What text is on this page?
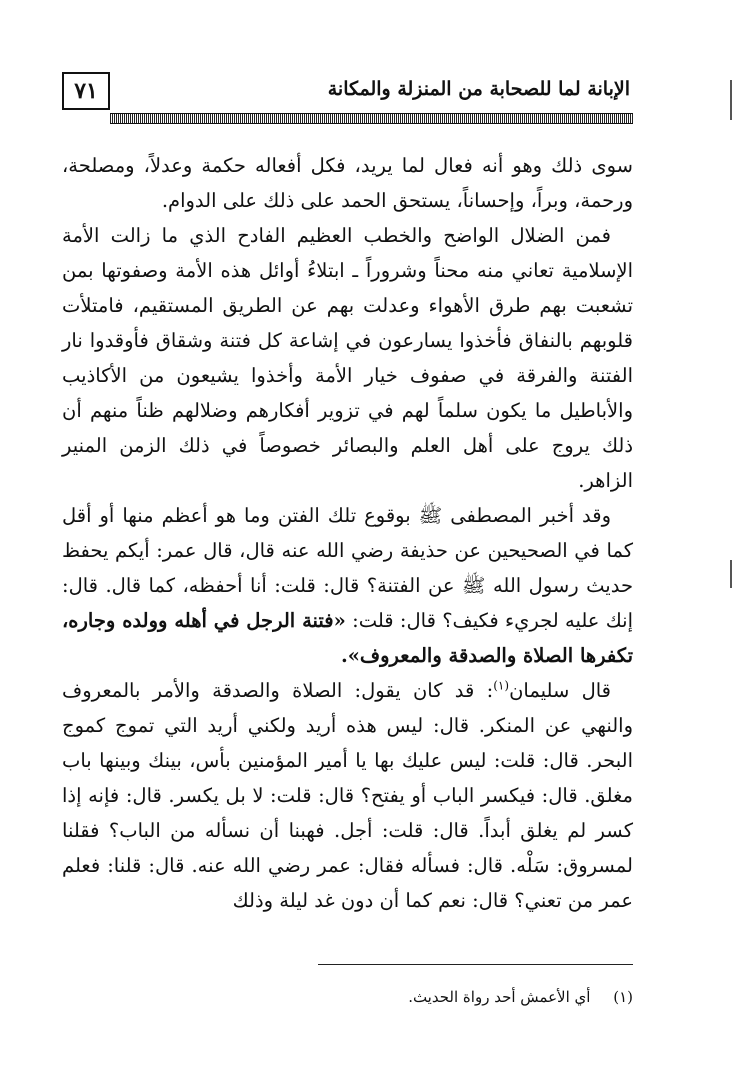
٧١	الإبانة لما للصحابة من المنزلة والمكانة

سوى ذلك وهو أنه فعال لما يريد، فكل أفعاله حكمة وعدلاً، ومصلحة، ورحمة، وبراً، وإحساناً، يستحق الحمد على ذلك على الدوام.

فمن الضلال الواضح والخطب العظيم الفادح الذي ما زالت الأمة الإسلامية تعاني منه محناً وشروراً ـ ابتلاءُ أوائل هذه الأمة وصفوتها بمن تشعبت بهم طرق الأهواء وعدلت بهم عن الطريق المستقيم، فامتلأت قلوبهم بالنفاق فأخذوا يسارعون في إشاعة كل فتنة وشقاق فأوقدوا نار الفتنة والفرقة في صفوف خيار الأمة وأخذوا يشيعون من الأكاذيب والأباطيل ما يكون سلماً لهم في تزوير أفكارهم وضلالهم ظناً منهم أن ذلك يروج على أهل العلم والبصائر خصوصاً في ذلك الزمن المنير الزاهر.

وقد أخبر المصطفى ﷺ بوقوع تلك الفتن وما هو أعظم منها أو أقل كما في الصحيحين عن حذيفة رضي الله عنه قال، قال عمر: أيكم يحفظ حديث رسول الله ﷺ عن الفتنة؟ قال: قلت: أنا أحفظه، كما قال. قال: إنك عليه لجريء فكيف؟ قال: قلت: «فتنة الرجل في أهله وولده وجاره، تكفرها الصلاة والصدقة والمعروف».

قال سليمان$^{(١)}$: قد كان يقول: الصلاة والصدقة والأمر بالمعروف والنهي عن المنكر. قال: ليس هذه أريد ولكني أريد التي تموج كموج البحر. قال: قلت: ليس عليك بها يا أمير المؤمنين بأس، بينك وبينها باب مغلق. قال: فيكسر الباب أو يفتح؟ قال: قلت: لا بل يكسر. قال: فإنه إذا كسر لم يغلق أبداً. قال: قلت: أجل. فهبنا أن نسأله من الباب؟ فقلنا لمسروق: سَلْه. قال: فسأله فقال: عمر رضي الله عنه. قال: قلنا: فعلم عمر من تعني؟ قال: نعم كما أن دون غد ليلة وذلك

(١) أي الأعمش أحد رواة الحديث.
